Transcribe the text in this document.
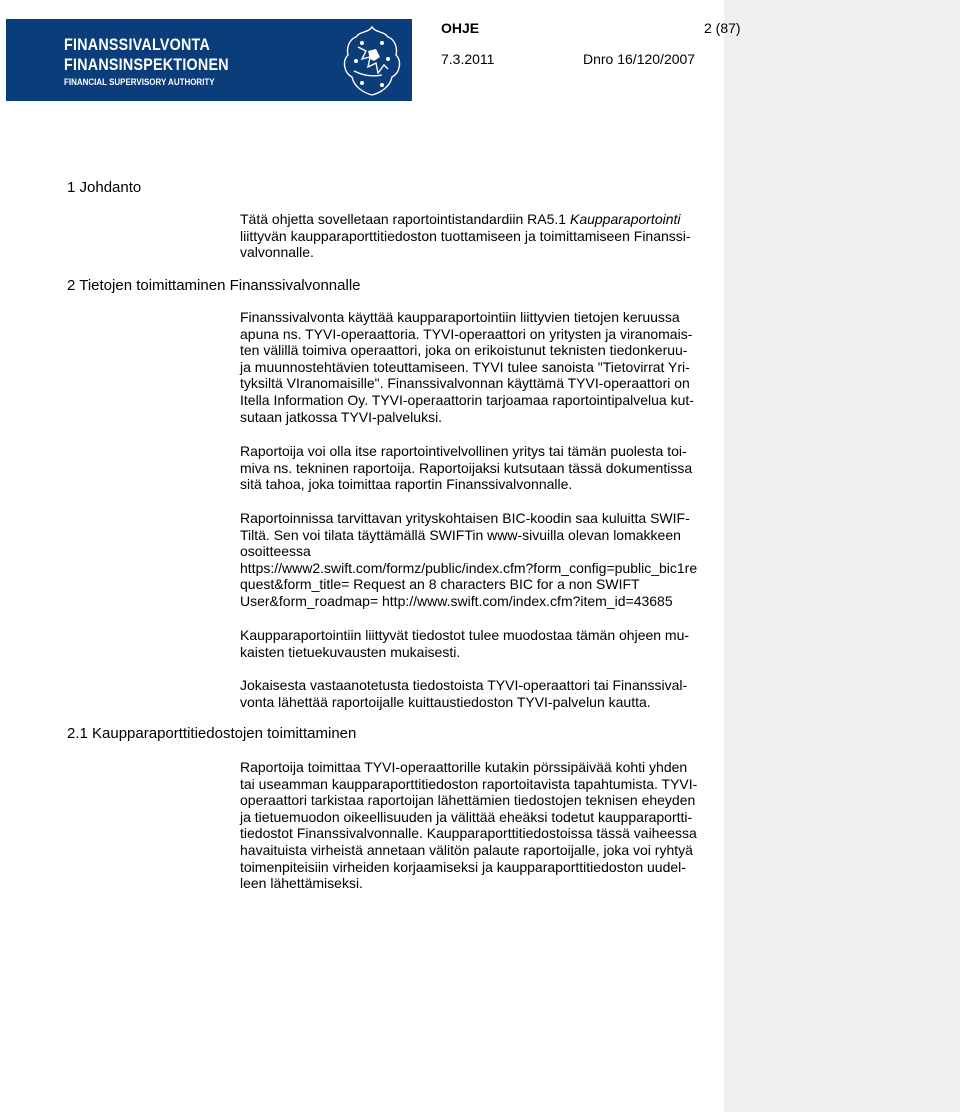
FINANSSIVALVONTA
FINANSINSPEKTIONEN
FINANCIAL SUPERVISORY AUTHORITY
OHJE	2 (87)
7.3.2011	Dnro 16/120/2007
1 Johdanto
Tätä ohjetta sovelletaan raportointistandardiin RA5.1 Kaupparaportointi
liittyvän kaupparaporttitiedoston tuottamiseen ja toimittamiseen Finanssi-
valvonnalle.
2 Tietojen toimittaminen Finanssivalvonnalle
Finanssivalvonta käyttää kaupparaportointiin liittyvien tietojen keruussa
apuna ns. TYVI-operaattoria. TYVI-operaattori on yritysten ja viranomais-
ten välillä toimiva operaattori, joka on erikoistunut teknisten tiedonkeruu-
ja muunnostehtävien toteuttamiseen. TYVI tulee sanoista "Tietovirrat Yri-
tyksiltä VIranomaisille". Finanssivalvonnan käyttämä TYVI-operaattori on
Itella Information Oy. TYVI-operaattorin tarjoamaa raportointipalvelua kut-
sutaan jatkossa TYVI-palveluksi.
Raportoija voi olla itse raportointivelvollinen yritys tai tämän puolesta toi-
miva ns. tekninen raportoija. Raportoijaksi kutsutaan tässä dokumentissa
sitä tahoa, joka toimittaa raportin Finanssivalvonnalle.
Raportoinnissa tarvittavan yrityskohtaisen BIC-koodin saa kuluitta SWIF-
Tiltä. Sen voi tilata täyttämällä SWIFTin www-sivuilla olevan lomakkeen
osoitteessa
https://www2.swift.com/formz/public/index.cfm?form_config=public_bic1re
quest&form_title= Request an 8 characters BIC for a non SWIFT
User&form_roadmap= http://www.swift.com/index.cfm?item_id=43685
Kaupparaportointiin liittyvät tiedostot tulee muodostaa tämän ohjeen mu-
kaisten tietuekuvausten mukaisesti.
Jokaisesta vastaanotetusta tiedostoista TYVI-operaattori tai Finanssival-
vonta lähettää raportoijalle kuittaustiedoston TYVI-palvelun kautta.
2.1 Kaupparaporttitiedostojen toimittaminen
Raportoija toimittaa TYVI-operaattorille kutakin pörssipäivää kohti yhden
tai useamman kaupparaporttitiedoston raportoitavista tapahtumista. TYVI-
operaattori tarkistaa raportoijan lähettämien tiedostojen teknisen eheyden
ja tietuemuodon oikeellisuuden ja välittää eheäksi todetut kaupparaportti-
tiedostot Finanssivalvonnalle. Kaupparaporttitiedostoissa tässä vaiheessa
havaituista virheistä annetaan välitön palaute raportoijalle, joka voi ryhtyä
toimenpiteisiin virheiden korjaamiseksi ja kaupparaporttitiedoston uudel-
leen lähettämiseksi.
